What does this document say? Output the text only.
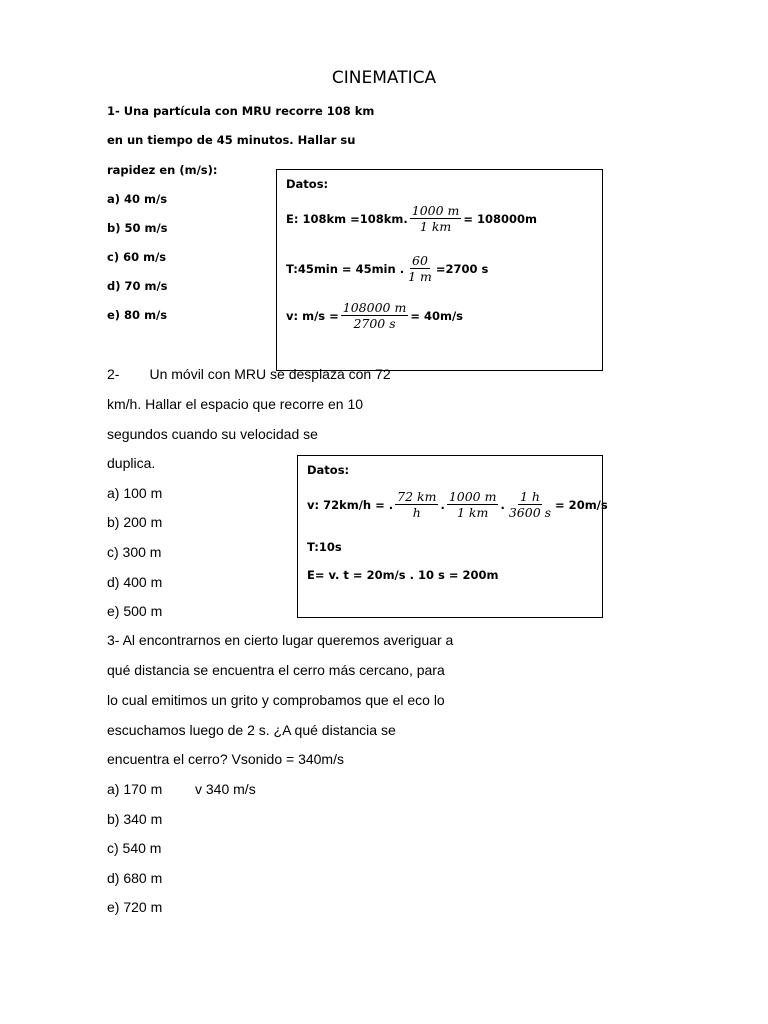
CINEMATICA
1- Una partícula con MRU recorre 108 km
en un tiempo de 45 minutos. Hallar su
rapidez en (m/s):
a) 40 m/s
b) 50 m/s
c) 60 m/s
d) 70 m/s
e) 80 m/s
Datos:
E: 108km =108km. $\frac{1000 m}{1 km} = 108000m$
T:45min = 45min . $\frac{60}{1 m} =2700$ s
v: $m/s = \frac{108000 m}{2700 s} = 40m/s$
2- Un móvil con MRU se desplaza con 72
km/h. Hallar el espacio que recorre en 10
segundos cuando su velocidad se
duplica.
a) 100 m
b) 200 m
c) 300 m
d) 400 m
e) 500 m
Datos:
v: 72km/h = . $\frac{72 km}{h}$ . $\frac{1000 m}{1 km}$ . $\frac{1 h}{3600 s} = 20m/s$
T:10s
E= v. t = 20m/s . 10 s = 200m
3- Al encontrarnos en cierto lugar queremos averiguar a
qué distancia se encuentra el cerro más cercano, para
lo cual emitimos un grito y comprobamos que el eco lo
escuchamos luego de 2 s. ¿A qué distancia se
encuentra el cerro? Vsonido = 340m/s
a) 170 m v 340 m/s
b) 340 m
c) 540 m
d) 680 m
e) 720 m
